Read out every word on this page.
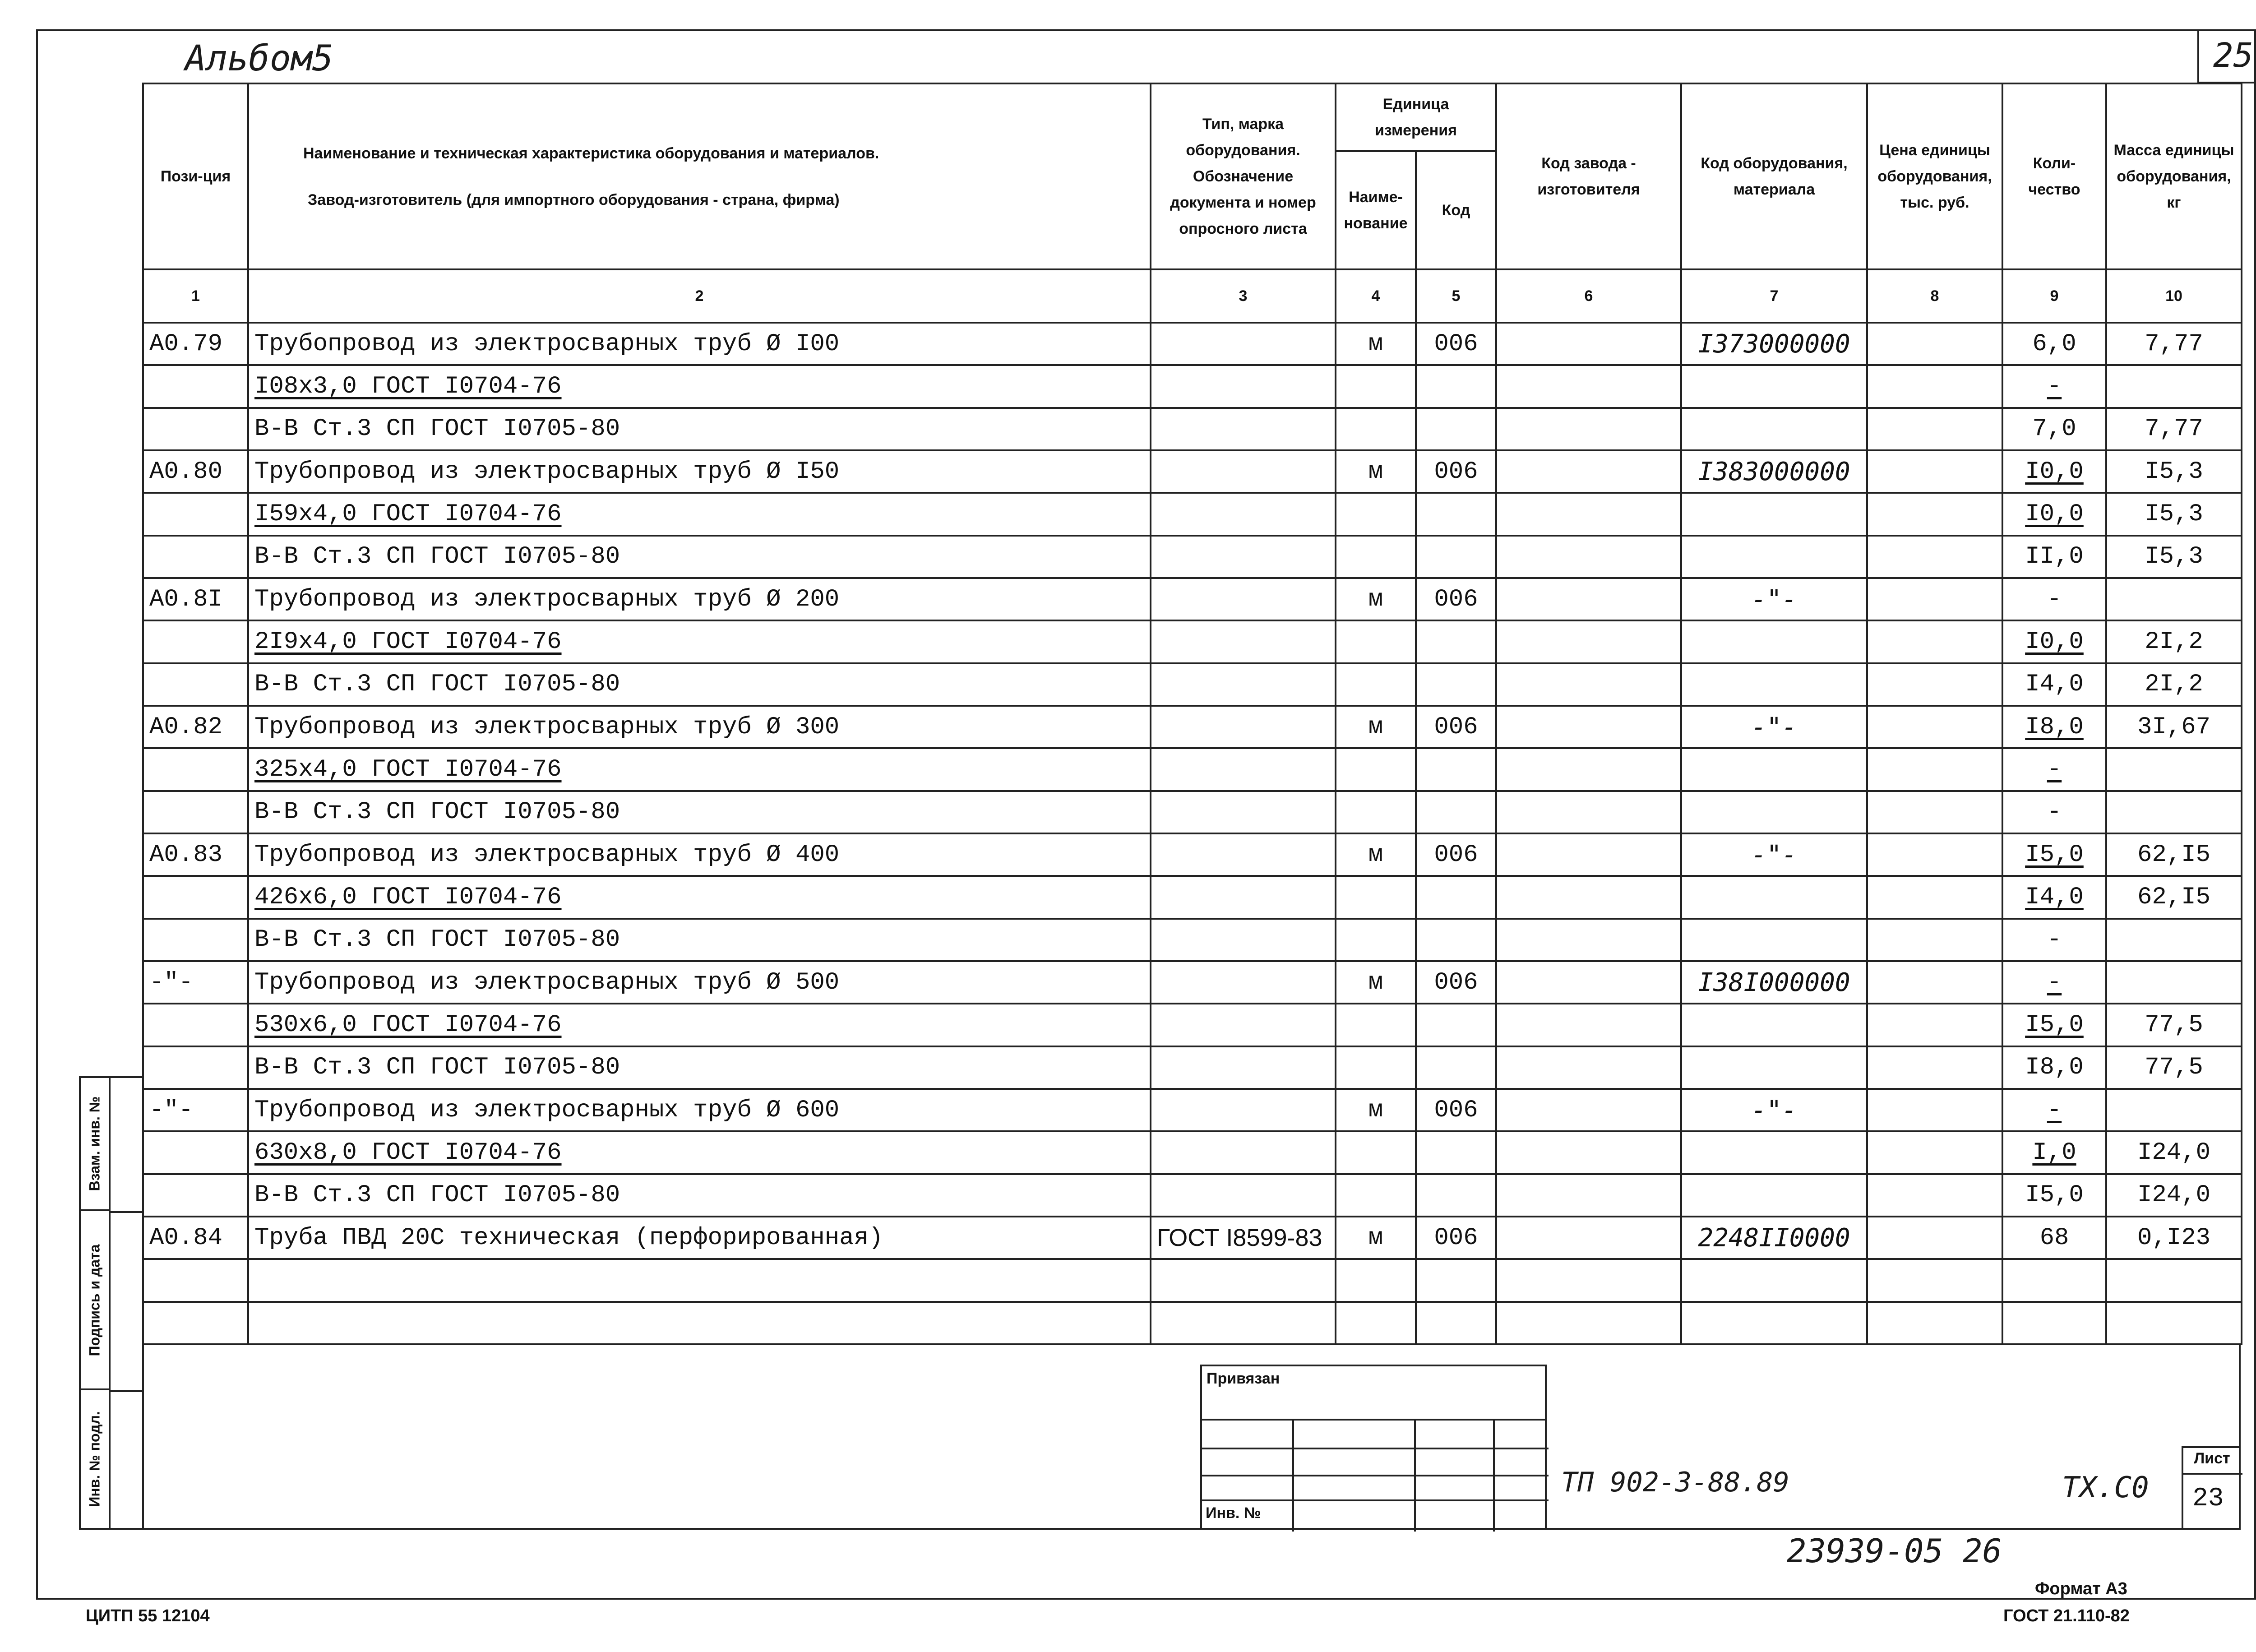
25
Альбом5
Пози-ция	Наименование и техническая характеристика оборудования и материалов.
Завод-изготовитель (для импортного оборудования - страна, фирма)	Тип, марка оборудования. Обозначение документа и номер опросного листа	Единица измерения		Код завода - изготовителя	Код оборудования, материала	Цена единицы оборудования, тыс. руб.	Коли-чество	Масса единицы оборудования, кг
			Наиме-нование	Код					
1	2	3	4	5	6	7	8	9	10
А0.79	Трубопровод из электросварных труб Ø I00		м	006		I373000000		6,0	7,77
	I08х3,0 ГОСТ I0704-76							-	
	В-В Ст.3 СП ГОСТ I0705-80							7,0	7,77
А0.80	Трубопровод из электросварных труб Ø I50		м	006		I383000000		I0,0	I5,3
	I59х4,0 ГОСТ I0704-76							I0,0	I5,3
	В-В Ст.3 СП ГОСТ I0705-80							II,0	I5,3
А0.8I	Трубопровод из электросварных труб Ø 200		м	006		-"-		-	
	2I9х4,0 ГОСТ I0704-76							I0,0	2I,2
	В-В Ст.3 СП ГОСТ I0705-80							I4,0	2I,2
А0.82	Трубопровод из электросварных труб Ø 300		м	006		-"-		I8,0	3I,67
	325х4,0 ГОСТ I0704-76							-	
	В-В Ст.3 СП ГОСТ I0705-80							-	
А0.83	Трубопровод из электросварных труб Ø 400		м	006		-"-		I5,0	62,I5
	426х6,0 ГОСТ I0704-76							I4,0	62,I5
	В-В Ст.3 СП ГОСТ I0705-80							-	
-"-	Трубопровод из электросварных труб Ø 500		м	006		I38I000000		-	
	530х6,0 ГОСТ I0704-76							I5,0	77,5
	В-В Ст.3 СП ГОСТ I0705-80							I8,0	77,5
-"-	Трубопровод из электросварных труб Ø 600		м	006		-"-		-	
	630х8,0 ГОСТ I0704-76							I,0	I24,0
	В-В Ст.3 СП ГОСТ I0705-80							I5,0	I24,0
А0.84	Труба ПВД 20С техническая (перфорированная)	ГОСТ I8599-83	м	006		2248II0000		68	0,I23

Взам. инв. №
Подпись и дата
Инв. № подл.
Привязан
Инв. №
ТП 902-3-88.89	ТХ.С0
Лист
23
23939-05 26
Формат А3
ГОСТ 21.110-82
ЦИТП 55 12104
